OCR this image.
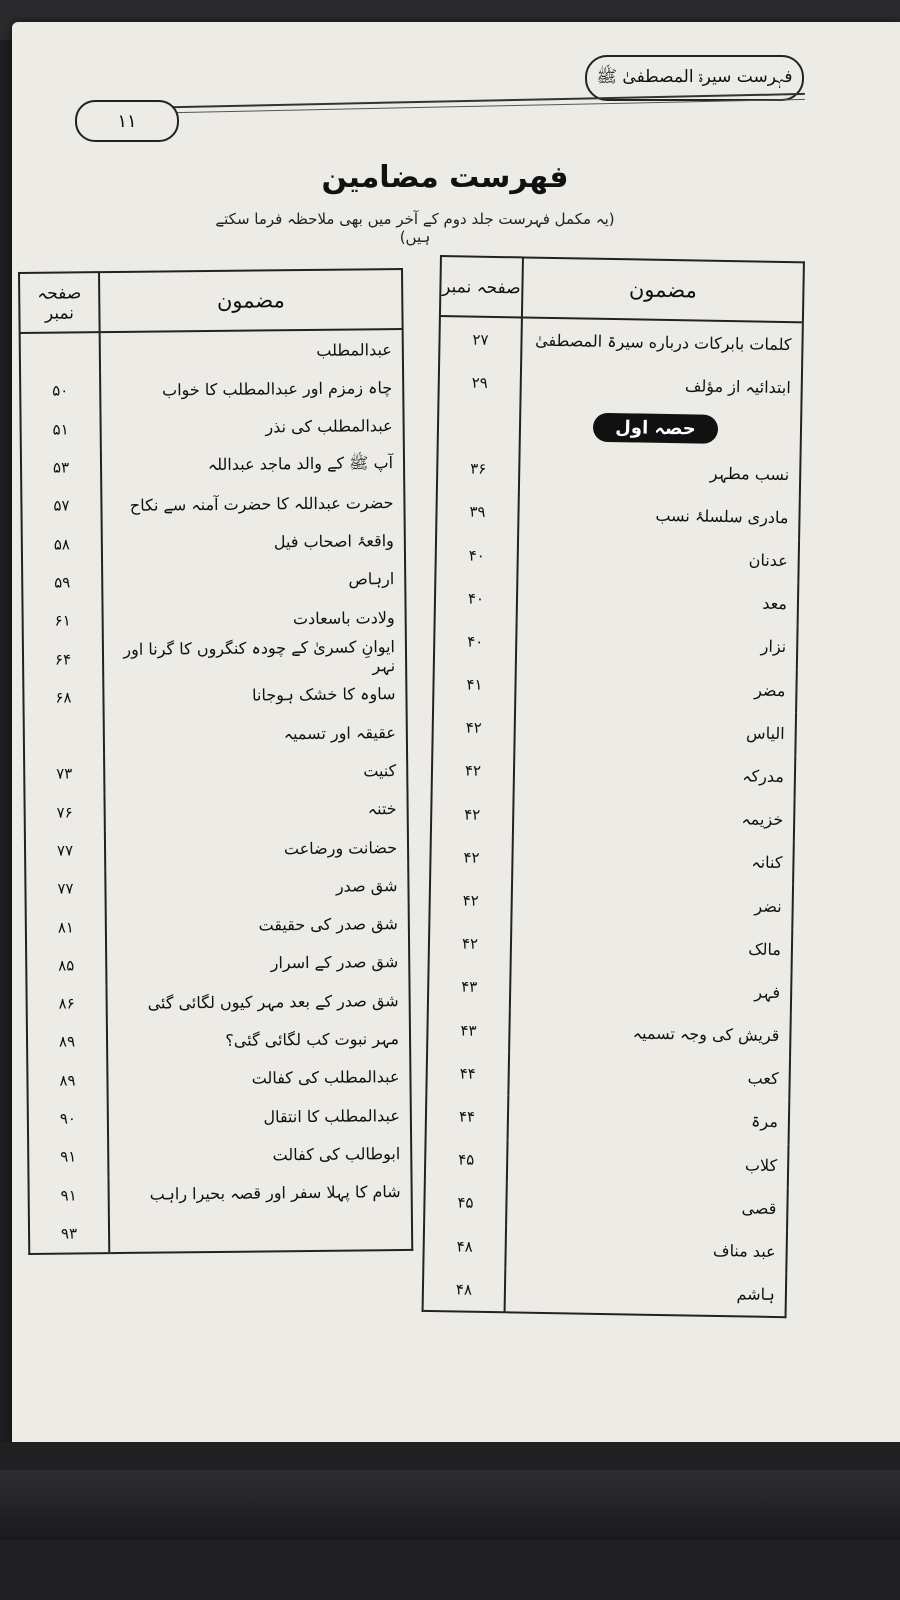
فہرست سیرۃ المصطفیٰ ﷺ
۱۱
فهرست مضامين
(یہ مکمل فہرست جلد دوم کے آخر میں بھی ملاحظہ فرما سکتے ہیں)
صفحہ نمبر	مضمون
۲۷	کلمات بابرکات درباره سیرۃ المصطفیٰ
۲۹	ابتدائیہ از مؤلف
	حصہ اول
۳۶	نسب مطہر
۳۹	مادری سلسلۂ نسب
۴۰	عدنان
۴۰	معد
۴۰	نزار
۴۱	مضر
۴۲	الیاس
۴۲	مدرکہ
۴۲	خزیمہ
۴۲	کنانہ
۴۲	نضر
۴۲	مالک
۴۳	فہر
۴۳	قریش کی وجہ تسمیہ
۴۴	کعب
۴۴	مرۃ
۴۵	کلاب
۴۵	قصی
۴۸	عبد مناف
۴۸	ہاشم
صفحہ نمبر	مضمون
	عبدالمطلب
۵۰	چاہ زمزم اور عبدالمطلب کا خواب
۵۱	عبدالمطلب کی نذر
۵۳	آپ ﷺ کے والد ماجد عبداللہ
۵۷	حضرت عبداللہ کا حضرت آمنہ سے نکاح
۵۸	واقعۂ اصحاب فیل
۵۹	ارہاص
۶۱	ولادت باسعادت
۶۴	ایوانِ کسریٰ کے چودہ کنگروں کا گرنا اور نہر
۶۸	ساوہ کا خشک ہوجانا
	عقیقہ اور تسمیہ
۷۳	کنیت
۷۶	ختنہ
۷۷	حضانت ورضاعت
۷۷	شق صدر
۸۱	شق صدر کی حقیقت
۸۵	شق صدر کے اسرار
۸۶	شق صدر کے بعد مہر کیوں لگائی گئی
۸۹	مہر نبوت کب لگائی گئی؟
۸۹	عبدالمطلب کی کفالت
۹۰	عبدالمطلب کا انتقال
۹۱	ابوطالب کی کفالت
۹۱	شام کا پہلا سفر اور قصہ بحیرا راہب
۹۳	
